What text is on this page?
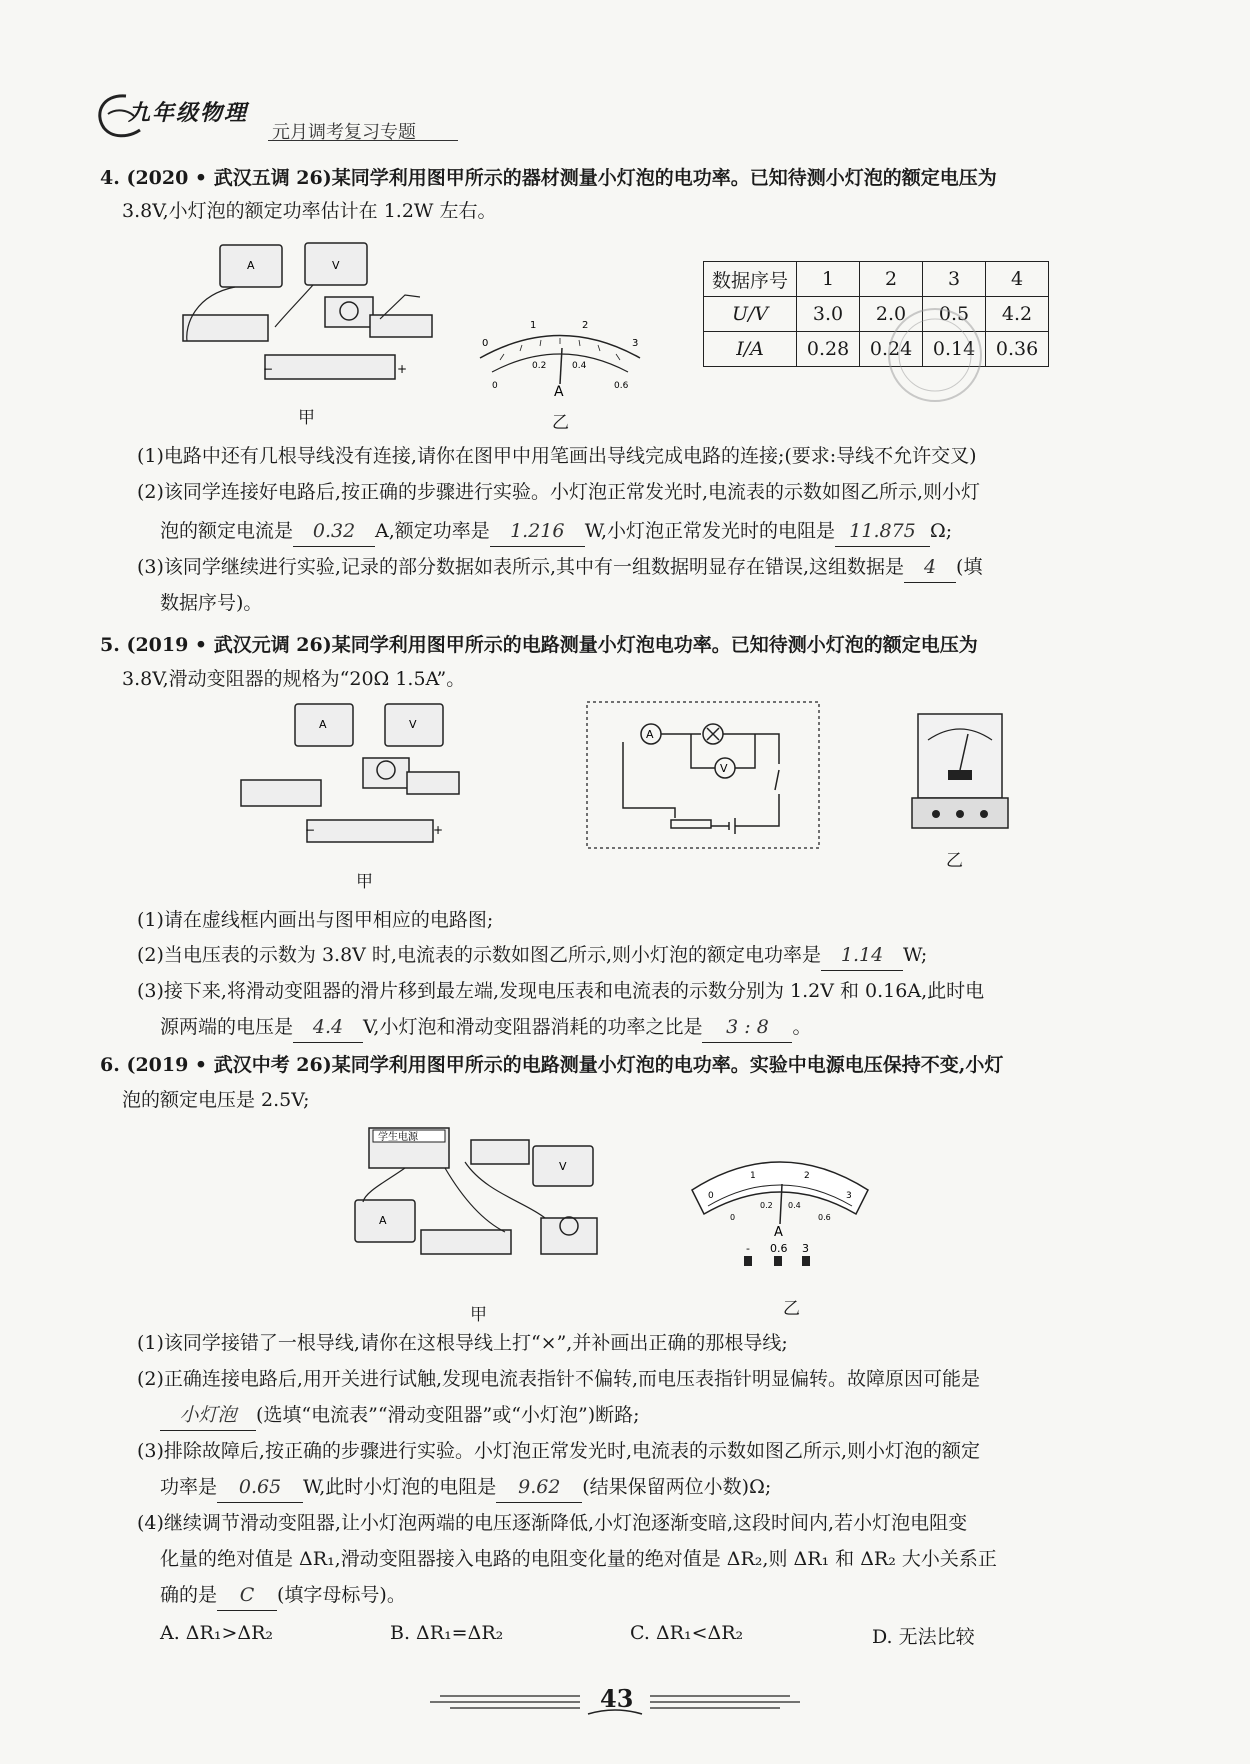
九年级物理
元月调考复习专题
4. (2020 • 武汉五调 26)某同学利用图甲所示的器材测量小灯泡的电功率。已知待测小灯泡的额定电压为
3.8V,小灯泡的额定功率估计在 1.2W 左右。
A	V
−	+
甲
0
1	2
3
0
0.2	0.4
0.6
A
乙
数据序号	1	2	3	4
U/V	3.0	2.0	0.5	4.2
I/A	0.28	0.24	0.14	0.36
(1)电路中还有几根导线没有连接,请你在图甲中用笔画出导线完成电路的连接;(要求:导线不允许交叉)
(2)该同学连接好电路后,按正确的步骤进行实验。小灯泡正常发光时,电流表的示数如图乙所示,则小灯
泡的额定电流是 0.32 A,额定功率是 1.216 W,小灯泡正常发光时的电阻是 11.875 Ω;
(3)该同学继续进行实验,记录的部分数据如表所示,其中有一组数据明显存在错误,这组数据是 4 (填
数据序号)。
5. (2019 • 武汉元调 26)某同学利用图甲所示的电路测量小灯泡电功率。已知待测小灯泡的额定电压为
3.8V,滑动变阻器的规格为“20Ω 1.5A”。
A	V
−	+
甲
A
V
乙
(1)请在虚线框内画出与图甲相应的电路图;
(2)当电压表的示数为 3.8V 时,电流表的示数如图乙所示,则小灯泡的额定电功率是 1.14 W;
(3)接下来,将滑动变阻器的滑片移到最左端,发现电压表和电流表的示数分别为 1.2V 和 0.16A,此时电
源两端的电压是 4.4 V,小灯泡和滑动变阻器消耗的功率之比是 3 : 8 。
6. (2019 • 武汉中考 26)某同学利用图甲所示的电路测量小灯泡的电功率。实验中电源电压保持不变,小灯
泡的额定电压是 2.5V;
学生电源
V
A
甲
0
1	2
3
0
0.2 0.4
0.6
A
- 0.6 3
乙
(1)该同学接错了一根导线,请你在这根导线上打“×”,并补画出正确的那根导线;
(2)正确连接电路后,用开关进行试触,发现电流表指针不偏转,而电压表指针明显偏转。故障原因可能是
小灯泡 (选填“电流表”“滑动变阻器”或“小灯泡”)断路;
(3)排除故障后,按正确的步骤进行实验。小灯泡正常发光时,电流表的示数如图乙所示,则小灯泡的额定
功率是 0.65 W,此时小灯泡的电阻是 9.62 (结果保留两位小数)Ω;
(4)继续调节滑动变阻器,让小灯泡两端的电压逐渐降低,小灯泡逐渐变暗,这段时间内,若小灯泡电阻变
化量的绝对值是 ΔR₁,滑动变阻器接入电路的电阻变化量的绝对值是 ΔR₂,则 ΔR₁ 和 ΔR₂ 大小关系正
确的是 C (填字母标号)。
A. ΔR₁>ΔR₂	B. ΔR₁=ΔR₂	C. ΔR₁<ΔR₂	D. 无法比较
43
